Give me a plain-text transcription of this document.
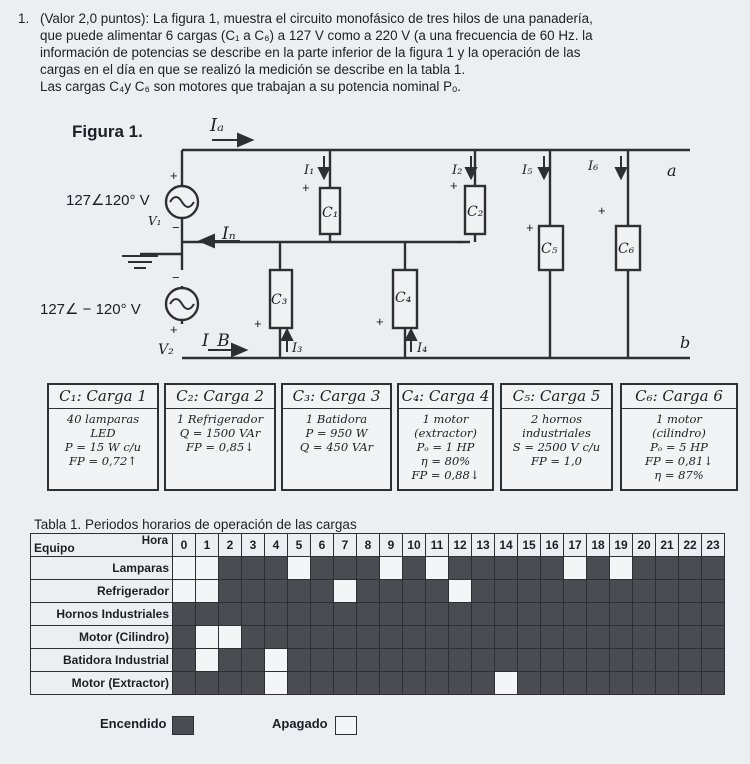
1. (Valor 2,0 puntos): La figura 1, muestra el circuito monofásico de tres hilos de una panadería,

que puede alimentar 6 cargas (C₁ a C₆) a 127 V como a 220 V (a una frecuencia de 60 Hz. la

información de potencias se describe en la parte inferior de la figura 1 y la operación de las

cargas en el día en que se realizó la medición se describe en la tabla 1.

Las cargas C₄y C₆ son motores que trabajan a su potencia nominal Pₒ.

Figura 1.	Iₐ
Iₙ
I_B
I₁	I₂	I₅	I₆
I₃	I₄
C₁	C₂
C₃	C₄
C₅	C₆
a
b
127∠120° V
V₁
127∠ − 120° V
V₂
+
−
−
+
+	+
−
+
+
+	+
C₁: Carga 1
40 lamparas
LED
P = 15 W c/u
FP = 0,72↑
C₂: Carga 2
1 Refrigerador
Q = 1500 VAr
FP = 0,85↓
C₃: Carga 3
1 Batidora
P = 950 W
Q = 450 VAr
C₄: Carga 4
1 motor
(extractor)
Pₒ = 1 HP
η = 80%
FP = 0,88↓
C₅: Carga 5
2 hornos
industriales
S = 2500 V c/u
FP = 1,0
C₆: Carga 6
1 motor
(cilindro)
Pₒ = 5 HP
FP = 0,81↓
η = 87%
Tabla 1. Periodos horarios de operación de las cargas
Hora
Equipo	0	1	2	3	4	5	6	7	8	9	10	11	12	13	14	15	16	17	18	19	20	21	22	23
Lamparas																								
Refrigerador																								
Hornos Industriales																								
Motor (Cilindro)																								
Batidora Industrial																								
Motor (Extractor)																								
Encendido	Apagado
